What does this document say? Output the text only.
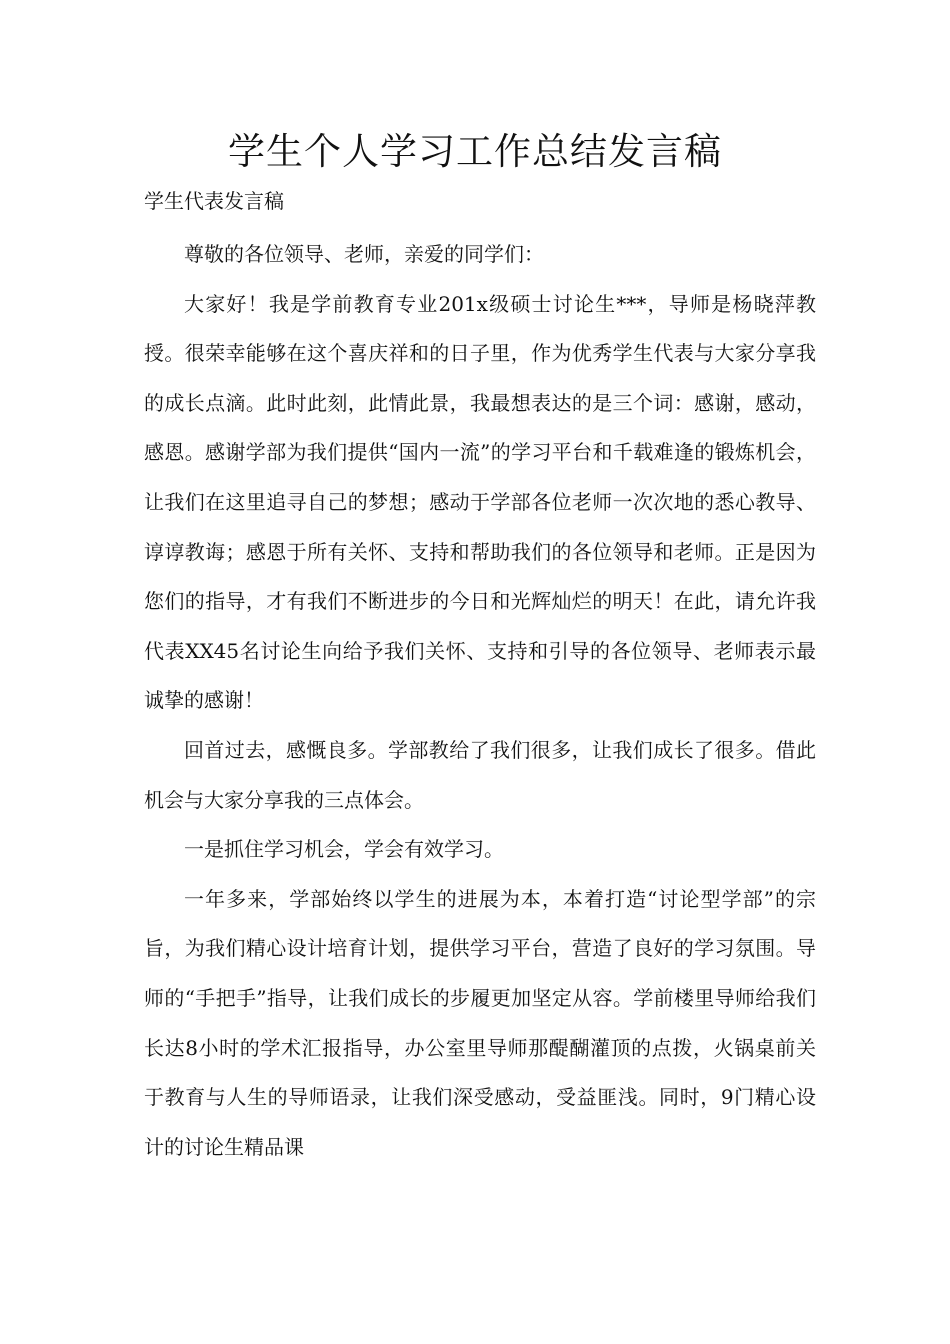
学生个人学习工作总结发言稿

学生代表发言稿

尊敬的各位领导、老师，亲爱的同学们：

大家好！我是学前教育专业201x级硕士讨论生***，导师是杨晓萍教授。很荣幸能够在这个喜庆祥和的日子里，作为优秀学生代表与大家分享我的成长点滴。此时此刻，此情此景，我最想表达的是三个词：感谢，感动，感恩。感谢学部为我们提供“国内一流”的学习平台和千载难逢的锻炼机会，让我们在这里追寻自己的梦想；感动于学部各位老师一次次地的悉心教导、谆谆教诲；感恩于所有关怀、支持和帮助我们的各位领导和老师。正是因为您们的指导，才有我们不断进步的今日和光辉灿烂的明天！在此，请允许我代表XX45名讨论生向给予我们关怀、支持和引导的各位领导、老师表示最诚挚的感谢！

回首过去，感慨良多。学部教给了我们很多，让我们成长了很多。借此机会与大家分享我的三点体会。

一是抓住学习机会，学会有效学习。

一年多来，学部始终以学生的进展为本，本着打造“讨论型学部”的宗旨，为我们精心设计培育计划，提供学习平台，营造了良好的学习氛围。导师的“手把手”指导，让我们成长的步履更加坚定从容。学前楼里导师给我们长达8小时的学术汇报指导，办公室里导师那醍醐灌顶的点拨，火锅桌前关于教育与人生的导师语录，让我们深受感动，受益匪浅。同时，9门精心设计的讨论生精品课
